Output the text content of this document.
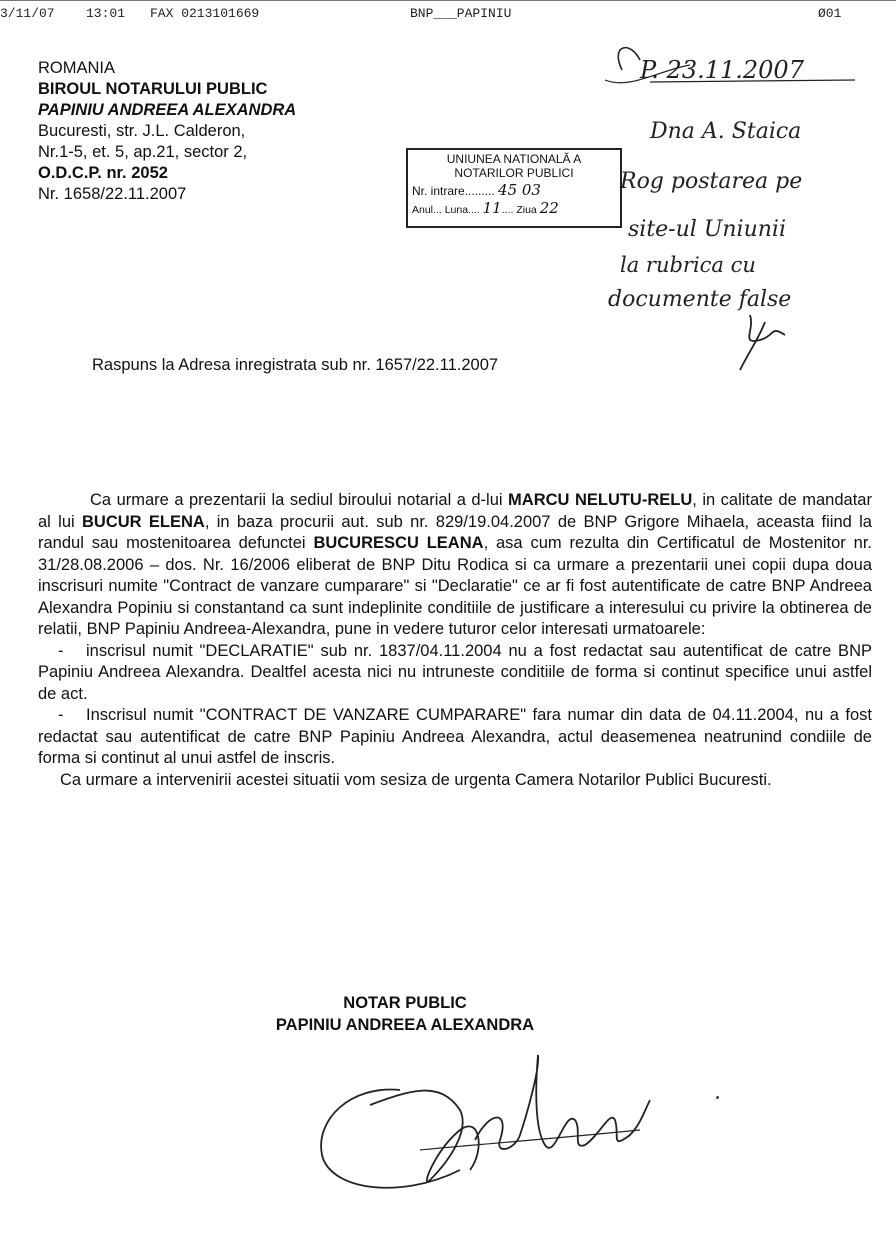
3/11/07 13:01 FAX 0213101669	BNP___PAPINIU	Ø01
ROMANIA
BIROUL NOTARULUI PUBLIC
PAPINIU ANDREEA ALEXANDRA
Bucuresti, str. J.L. Calderon,
Nr.1-5, et. 5, ap.21, sector 2,
O.D.C.P. nr. 2052
Nr. 1658/22.11.2007
UNIUNEA NATIONALĂ A
NOTARILOR PUBLICI
Nr. intrare......... 45 03
Anul... Luna.... 11.... Ziua 22
P. 23.11.2007
Dna A. Staica
Rog postarea pe
site-ul Uniunii
la rubrica cu
documente false
Raspuns la Adresa inregistrata sub nr. 1657/22.11.2007

Ca urmare a prezentarii la sediul biroului notarial a d-lui MARCU NELUTU-RELU, in calitate de mandatar al lui BUCUR ELENA, in baza procurii aut. sub nr. 829/19.04.2007 de BNP Grigore Mihaela, aceasta fiind la randul sau mostenitoarea defunctei BUCURESCU LEANA, asa cum rezulta din Certificatul de Mostenitor nr. 31/28.08.2006 – dos. Nr. 16/2006 eliberat de BNP Ditu Rodica si ca urmare a prezentarii unei copii dupa doua inscrisuri numite "Contract de vanzare cumparare" si "Declaratie" ce ar fi fost autentificate de catre BNP Andreea Alexandra Popiniu si constantand ca sunt indeplinite conditiile de justificare a interesului cu privire la obtinerea de relatii, BNP Papiniu Andreea-Alexandra, pune in vedere tuturor celor interesati urmatoarele:

- inscrisul numit "DECLARATIE" sub nr. 1837/04.11.2004 nu a fost redactat sau autentificat de catre BNP Papiniu Andreea Alexandra. Dealtfel acesta nici nu intruneste conditiile de forma si continut specifice unui astfel de act.

- Inscrisul numit "CONTRACT DE VANZARE CUMPARARE" fara numar din data de 04.11.2004, nu a fost redactat sau autentificat de catre BNP Papiniu Andreea Alexandra, actul deasemenea neatrunind condiile de forma si continut al unui astfel de inscris.

Ca urmare a intervenirii acestei situatii vom sesiza de urgenta Camera Notarilor Publici Bucuresti.

NOTAR PUBLIC
PAPINIU ANDREEA ALEXANDRA
